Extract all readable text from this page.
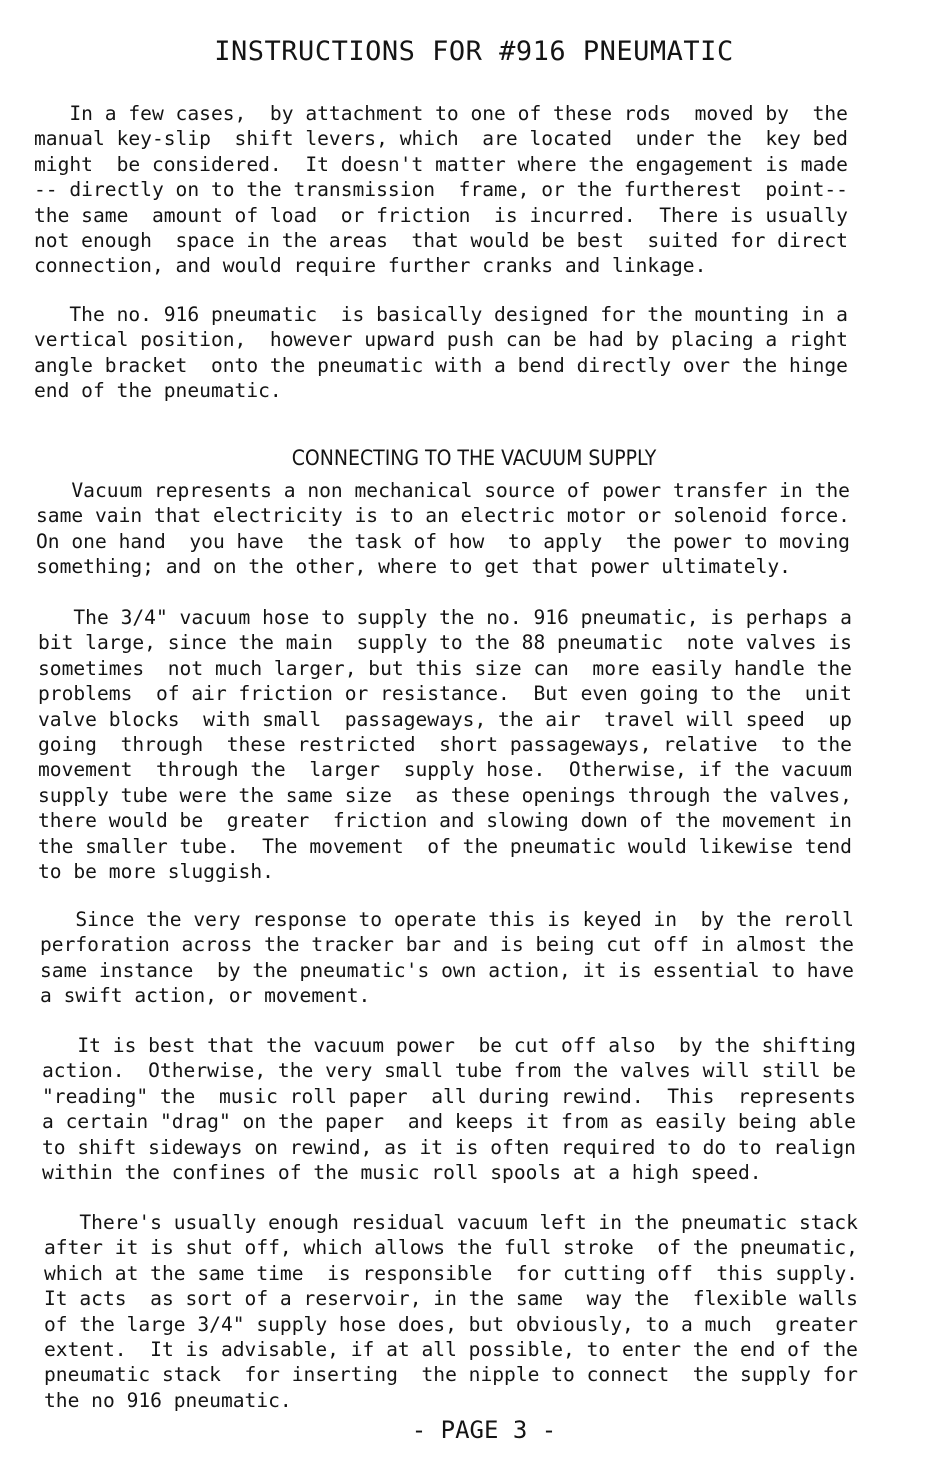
INSTRUCTIONS FOR #916 PNEUMATIC
In a few cases,  by attachment to one of these rods  moved by  the
manual key-slip  shift levers, which  are located  under the  key bed
might  be considered.  It doesn't matter where the engagement is made
-- directly on to the transmission  frame, or the furtherest  point--
the same  amount of load  or friction  is incurred.  There is usually
not enough  space in the areas  that would be best  suited for direct
connection, and would require further cranks and linkage.
The no. 916 pneumatic  is basically designed for the mounting in a
vertical position,  however upward push can be had by placing a right
angle bracket  onto the pneumatic with a bend directly over the hinge
end of the pneumatic.
CONNECTING TO THE VACUUM SUPPLY
Vacuum represents a non mechanical source of power transfer in the
same vain that electricity is to an electric motor or solenoid force.
On one hand  you have  the task of how  to apply  the power to moving
something; and on the other, where to get that power ultimately.
The 3/4" vacuum hose to supply the no. 916 pneumatic, is perhaps a
bit large, since the main  supply to the 88 pneumatic  note valves is
sometimes  not much larger, but this size can  more easily handle the
problems  of air friction or resistance.  But even going to the  unit
valve blocks  with small  passageways, the air  travel will speed  up
going  through  these restricted  short passageways, relative  to the
movement  through the  larger  supply hose.  Otherwise, if the vacuum
supply tube were the same size  as these openings through the valves,
there would be  greater  friction and slowing down of the movement in
the smaller tube.  The movement  of the pneumatic would likewise tend
to be more sluggish.
Since the very response to operate this is keyed in  by the reroll
perforation across the tracker bar and is being cut off in almost the
same instance  by the pneumatic's own action, it is essential to have
a swift action, or movement.
It is best that the vacuum power  be cut off also  by the shifting
action.  Otherwise, the very small tube from the valves will still be
"reading" the  music roll paper  all during rewind.  This  represents
a certain "drag" on the paper  and keeps it from as easily being able
to shift sideways on rewind, as it is often required to do to realign
within the confines of the music roll spools at a high speed.
There's usually enough residual vacuum left in the pneumatic stack
after it is shut off, which allows the full stroke  of the pneumatic,
which at the same time  is responsible  for cutting off  this supply.
It acts  as sort of a reservoir, in the same  way the  flexible walls
of the large 3/4" supply hose does, but obviously, to a much  greater
extent.  It is advisable, if at all possible, to enter the end of the
pneumatic stack  for inserting  the nipple to connect  the supply for
the no 916 pneumatic.
- PAGE 3 -
